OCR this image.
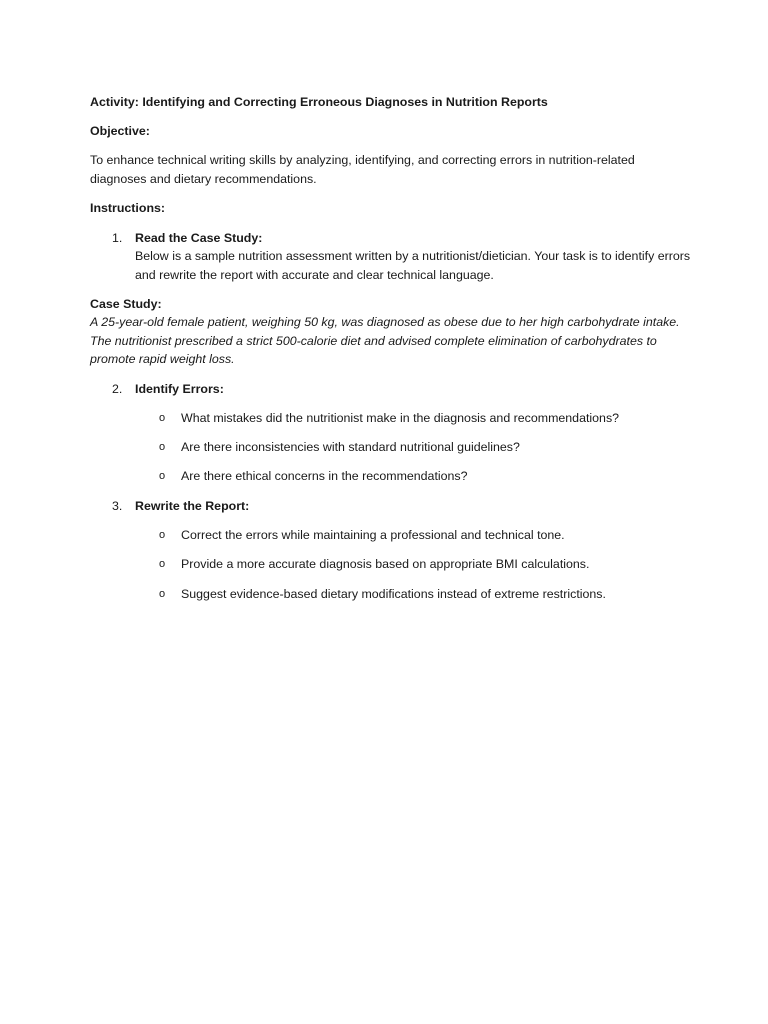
Activity: Identifying and Correcting Erroneous Diagnoses in Nutrition Reports
Objective:
To enhance technical writing skills by analyzing, identifying, and correcting errors in nutrition-related diagnoses and dietary recommendations.
Instructions:
1. Read the Case Study:
Below is a sample nutrition assessment written by a nutritionist/dietician. Your task is to identify errors and rewrite the report with accurate and clear technical language.
Case Study:
A 25-year-old female patient, weighing 50 kg, was diagnosed as obese due to her high carbohydrate intake. The nutritionist prescribed a strict 500-calorie diet and advised complete elimination of carbohydrates to promote rapid weight loss.
2. Identify Errors:
o What mistakes did the nutritionist make in the diagnosis and recommendations?
o Are there inconsistencies with standard nutritional guidelines?
o Are there ethical concerns in the recommendations?
3. Rewrite the Report:
o Correct the errors while maintaining a professional and technical tone.
o Provide a more accurate diagnosis based on appropriate BMI calculations.
o Suggest evidence-based dietary modifications instead of extreme restrictions.
